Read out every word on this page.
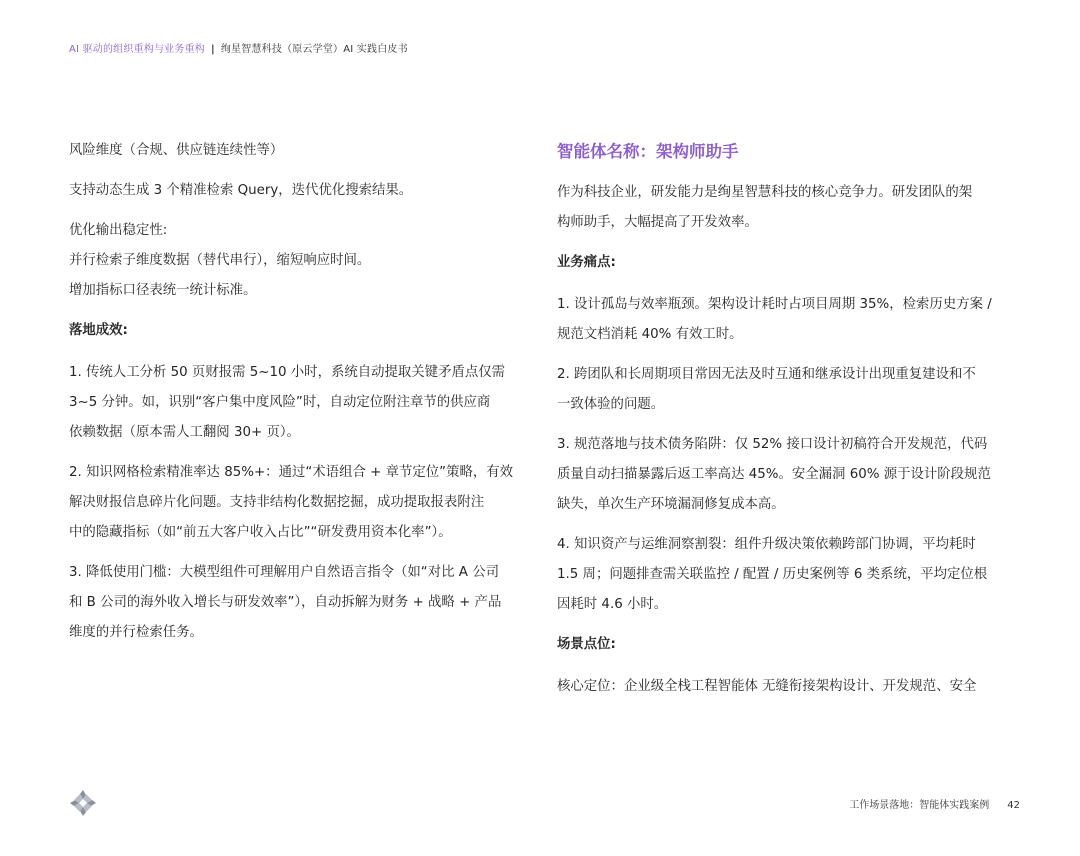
AI 驱动的组织重构与业务重构 | 绚星智慧科技（原云学堂）AI 实践白皮书

风险维度（合规、供应链连续性等）

支持动态生成 3 个精准检索 Query，迭代优化搜索结果。

优化输出稳定性:

并行检索子维度数据（替代串行），缩短响应时间。

增加指标口径表统一统计标准。

落地成效:

1. 传统人工分析 50 页财报需 5~10 小时，系统自动提取关键矛盾点仅需

3~5 分钟。如，识别“客户集中度风险”时，自动定位附注章节的供应商

依赖数据（原本需人工翻阅 30+ 页）。

2. 知识网格检索精准率达 85%+：通过“术语组合 + 章节定位”策略，有效

解决财报信息碎片化问题。支持非结构化数据挖掘，成功提取报表附注

中的隐藏指标（如“前五大客户收入占比”“研发费用资本化率”）。

3. 降低使用门槛：大模型组件可理解用户自然语言指令（如“对比 A 公司

和 B 公司的海外收入增长与研发效率”），自动拆解为财务 + 战略 + 产品

维度的并行检索任务。

智能体名称：架构师助手

作为科技企业，研发能力是绚星智慧科技的核心竞争力。研发团队的架

构师助手，大幅提高了开发效率。

业务痛点:

1. 设计孤岛与效率瓶颈。架构设计耗时占项目周期 35%，检索历史方案 /

规范文档消耗 40% 有效工时。

2. 跨团队和长周期项目常因无法及时互通和继承设计出现重复建设和不

一致体验的问题。

3. 规范落地与技术债务陷阱：仅 52% 接口设计初稿符合开发规范，代码

质量自动扫描暴露后返工率高达 45%。安全漏洞 60% 源于设计阶段规范

缺失，单次生产环境漏洞修复成本高。

4. 知识资产与运维洞察割裂：组件升级决策依赖跨部门协调，平均耗时

1.5 周；问题排查需关联监控 / 配置 / 历史案例等 6 类系统，平均定位根

因耗时 4.6 小时。

场景点位:

核心定位：企业级全栈工程智能体 无缝衔接架构设计、开发规范、安全

工作场景落地：智能体实践案例 42
